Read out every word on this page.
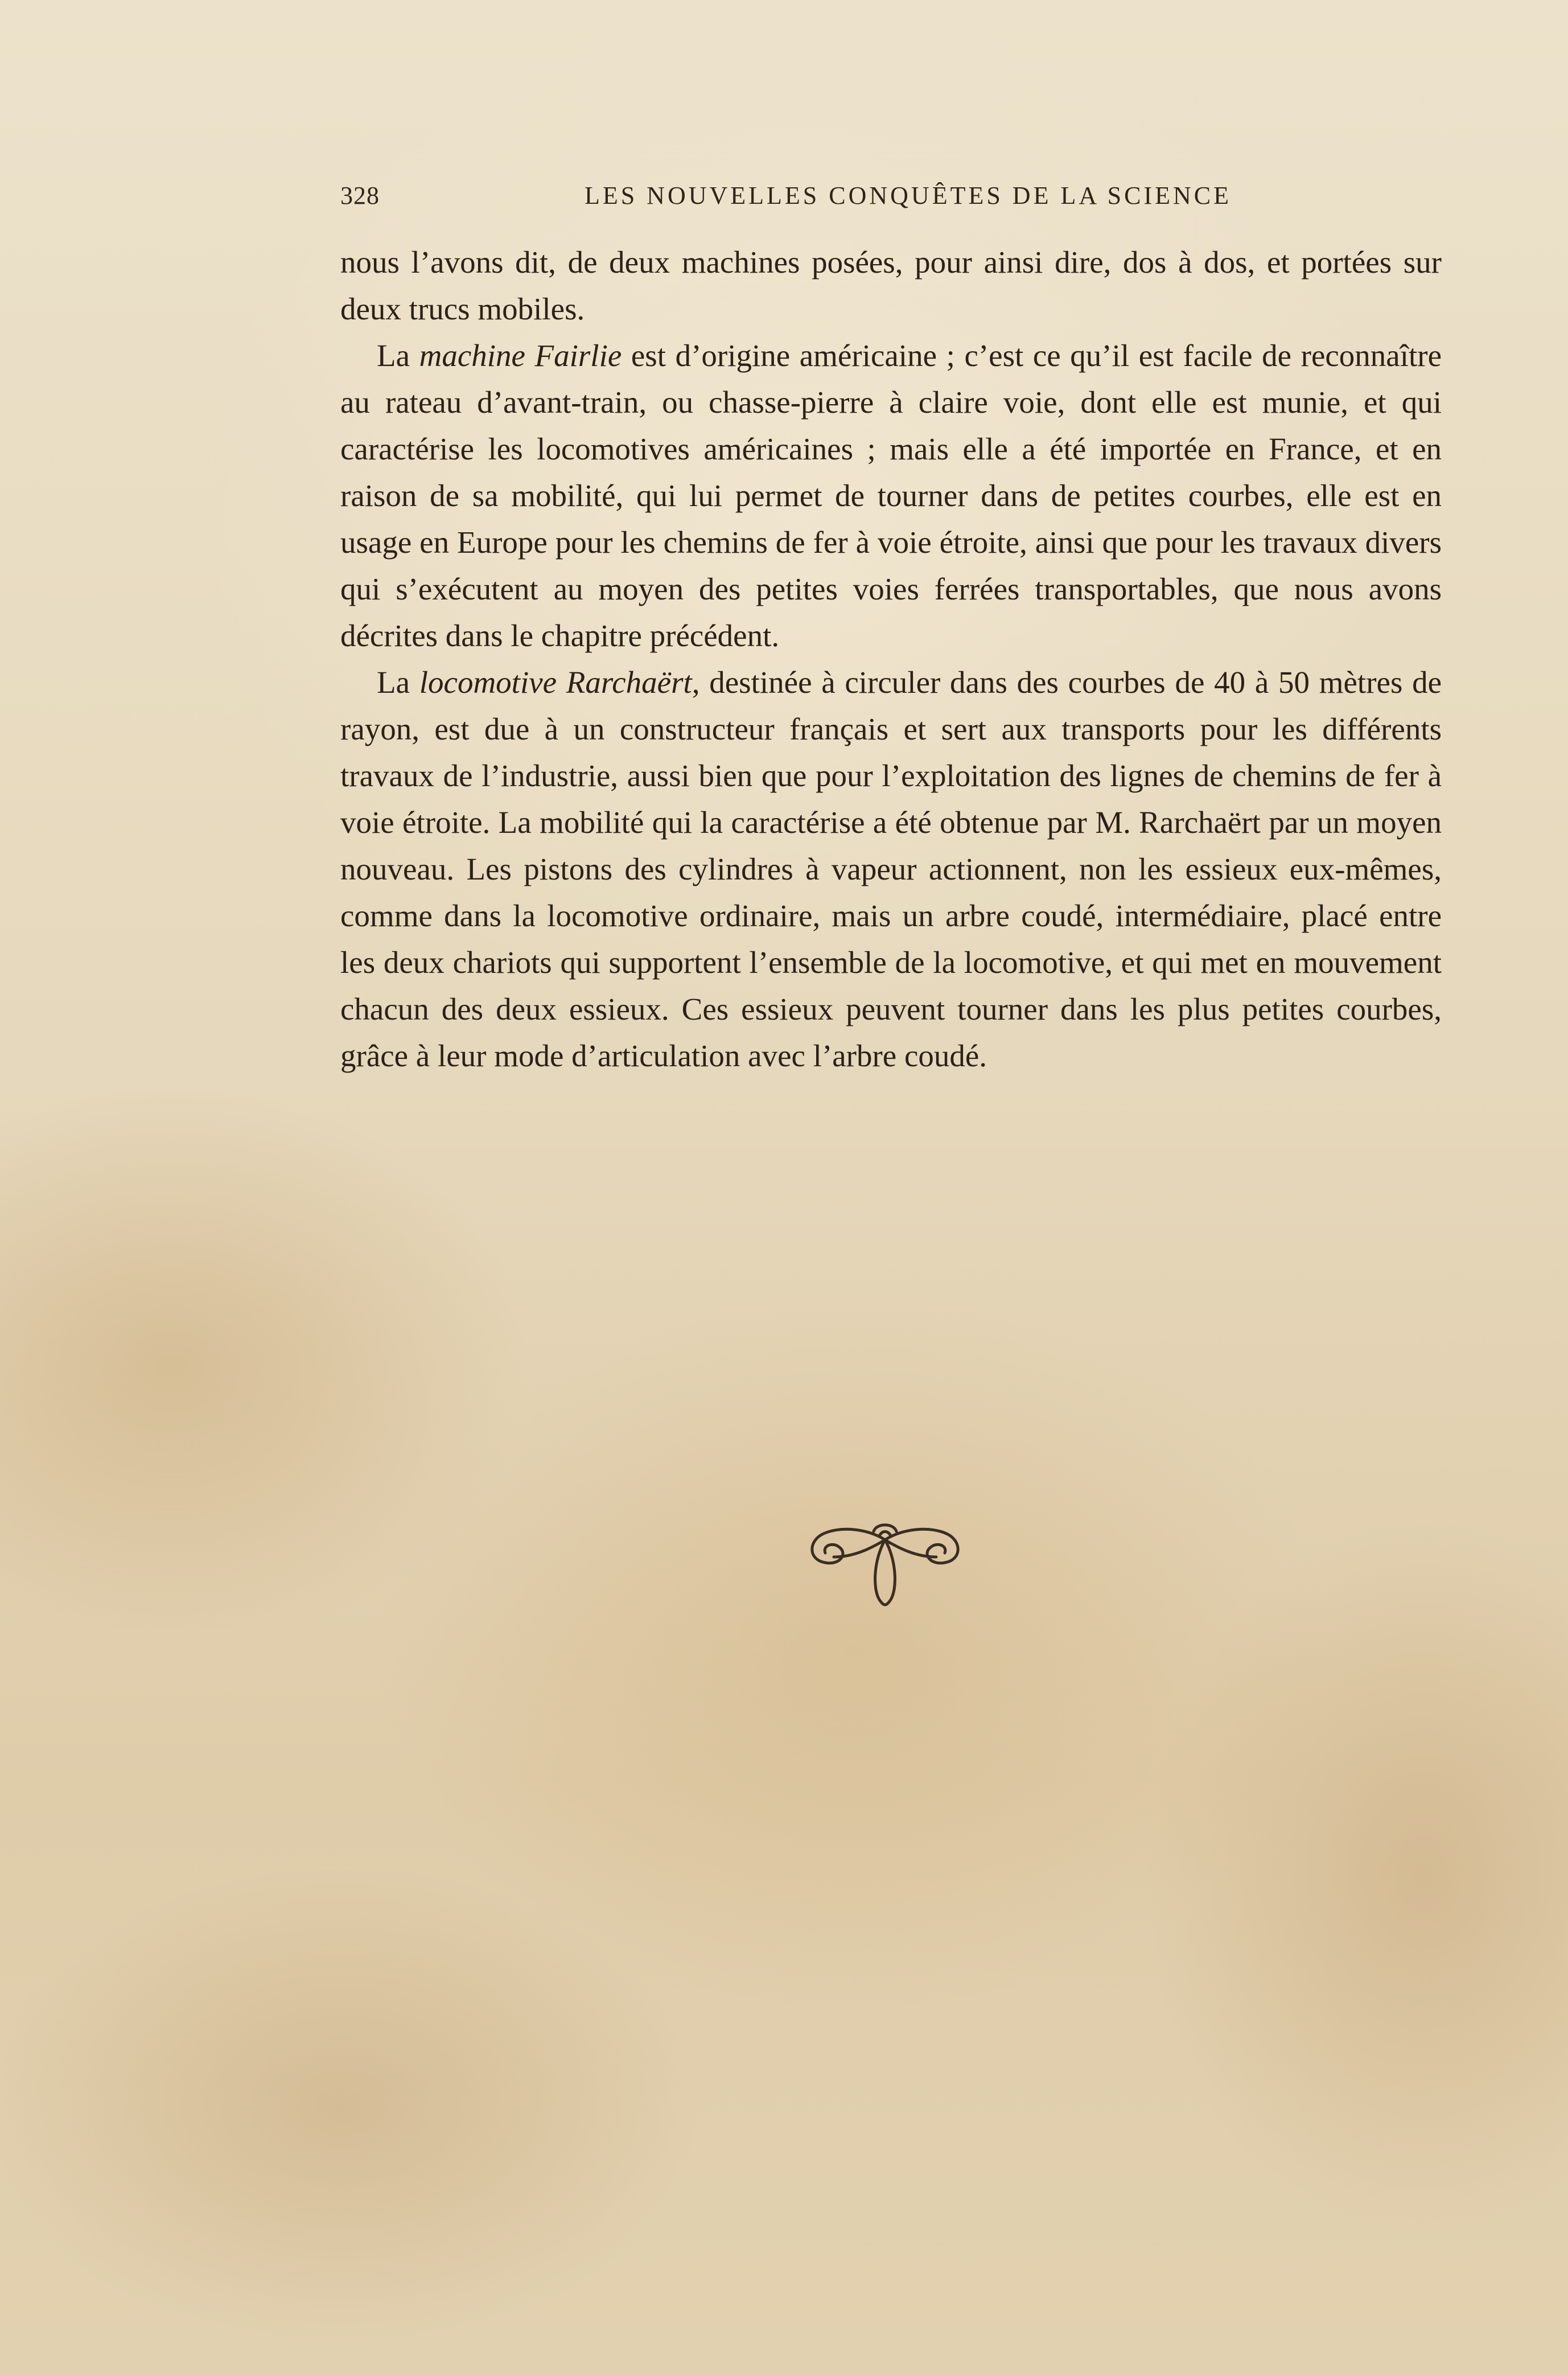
328	LES NOUVELLES CONQUÊTES DE LA SCIENCE

nous l’avons dit, de deux machines posées, pour ainsi dire, dos à dos, et portées sur deux trucs mobiles.

La machine Fairlie est d’origine américaine ; c’est ce qu’il est facile de reconnaître au rateau d’avant-train, ou chasse-pierre à claire voie, dont elle est munie, et qui caractérise les locomotives américaines ; mais elle a été importée en France, et en raison de sa mobilité, qui lui permet de tourner dans de petites courbes, elle est en usage en Europe pour les chemins de fer à voie étroite, ainsi que pour les travaux divers qui s’exécutent au moyen des petites voies ferrées transportables, que nous avons décrites dans le chapitre précédent.

La locomotive Rarchaërt, destinée à circuler dans des courbes de 40 à 50 mètres de rayon, est due à un constructeur français et sert aux transports pour les différents travaux de l’industrie, aussi bien que pour l’exploitation des lignes de chemins de fer à voie étroite. La mobilité qui la caractérise a été obtenue par M. Rarchaërt par un moyen nouveau. Les pistons des cylindres à vapeur actionnent, non les essieux eux-mêmes, comme dans la locomotive ordinaire, mais un arbre coudé, intermédiaire, placé entre les deux chariots qui supportent l’ensemble de la locomotive, et qui met en mouvement chacun des deux essieux. Ces essieux peuvent tourner dans les plus petites courbes, grâce à leur mode d’articulation avec l’arbre coudé.
